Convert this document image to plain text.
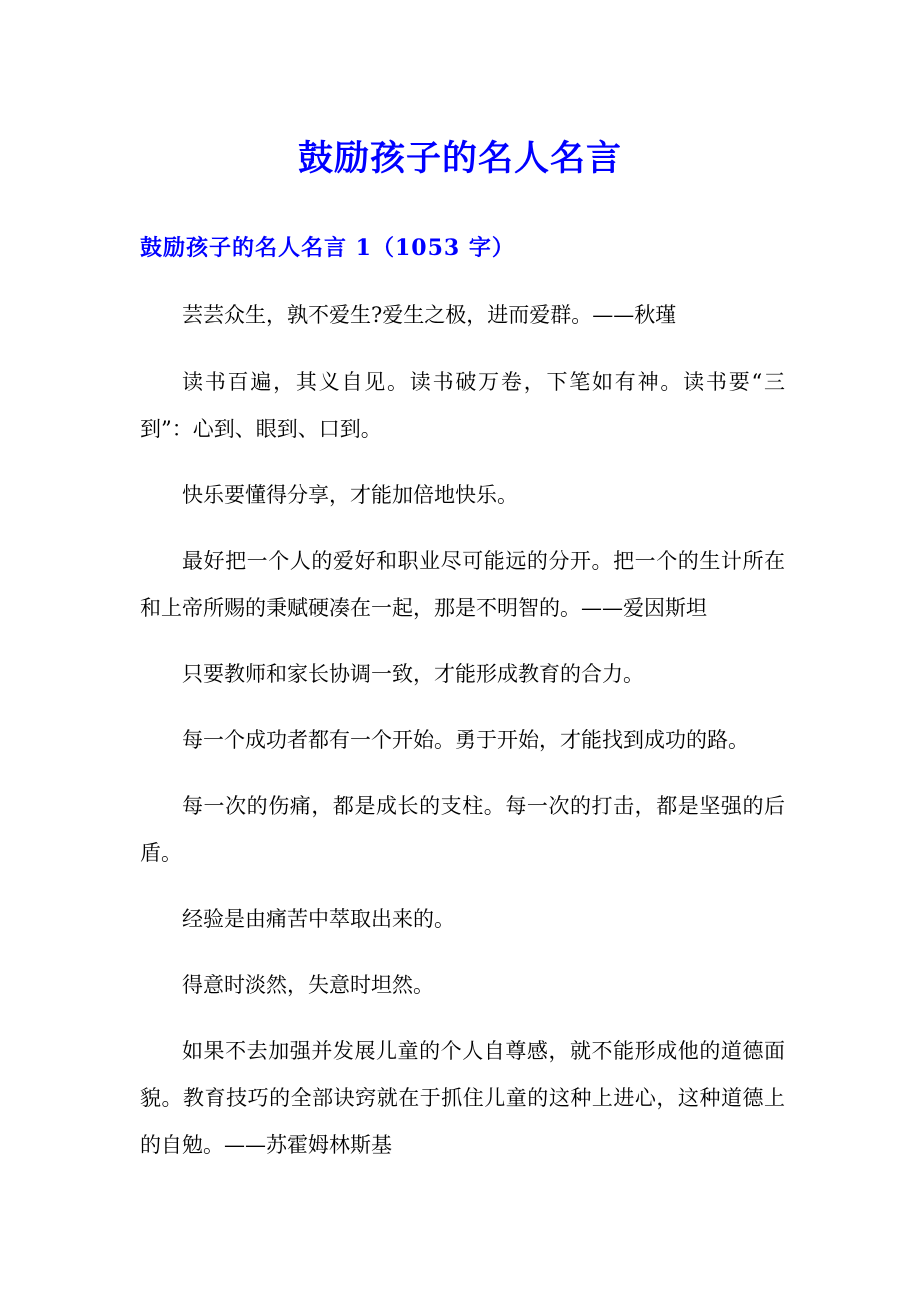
鼓励孩子的名人名言
鼓励孩子的名人名言 1（1053 字）

芸芸众生，孰不爱生?爱生之极，进而爱群。——秋瑾

读书百遍，其义自见。读书破万卷，下笔如有神。读书要“三到”：心到、眼到、口到。

快乐要懂得分享，才能加倍地快乐。

最好把一个人的爱好和职业尽可能远的分开。把一个的生计所在和上帝所赐的秉赋硬凑在一起，那是不明智的。——爱因斯坦

只要教师和家长协调一致，才能形成教育的合力。

每一个成功者都有一个开始。勇于开始，才能找到成功的路。

每一次的伤痛，都是成长的支柱。每一次的打击，都是坚强的后盾。

经验是由痛苦中萃取出来的。

得意时淡然，失意时坦然。

如果不去加强并发展儿童的个人自尊感，就不能形成他的道德面貌。教育技巧的全部诀窍就在于抓住儿童的这种上进心，这种道德上的自勉。——苏霍姆林斯基
